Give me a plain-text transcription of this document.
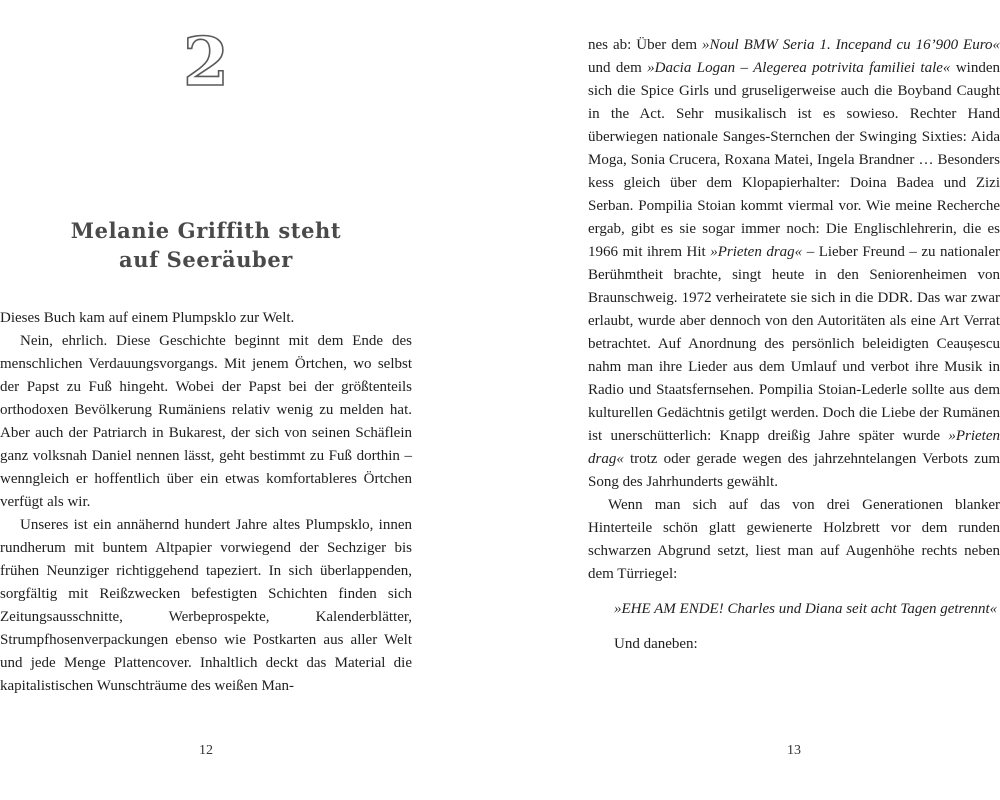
2
Melanie Griffith steht
auf Seeräuber

Dieses Buch kam auf einem Plumpsklo zur Welt.

Nein, ehrlich. Diese Geschichte beginnt mit dem Ende des menschlichen Verdauungsvorgangs. Mit jenem Örtchen, wo selbst der Papst zu Fuß hingeht. Wobei der Papst bei der größtenteils orthodoxen Bevölkerung Rumäniens relativ wenig zu melden hat. Aber auch der Patriarch in Bukarest, der sich von seinen Schäflein ganz volksnah Daniel nennen lässt, geht bestimmt zu Fuß dorthin – wenngleich er hoffentlich über ein etwas komfortableres Örtchen verfügt als wir.

Unseres ist ein annähernd hundert Jahre altes Plumpsklo, innen rundherum mit buntem Altpapier vorwiegend der Sechziger bis frühen Neunziger richtiggehend tapeziert. In sich überlappenden, sorgfältig mit Reißzwecken befestigten Schichten finden sich Zeitungsausschnitte, Werbeprospekte, Kalenderblätter, Strumpfhosenverpackungen ebenso wie Postkarten aus aller Welt und jede Menge Plattencover. Inhaltlich deckt das Material die kapitalistischen Wunschträume des weißen Man-

12

nes ab: Über dem »Noul BMW Seria 1. Incepand cu 16’900 Euro« und dem »Dacia Logan – Alegerea potrivita familiei tale« winden sich die Spice Girls und gruseligerweise auch die Boyband Caught in the Act. Sehr musikalisch ist es sowieso. Rechter Hand überwiegen nationale Sanges-Sternchen der Swinging Sixties: Aida Moga, Sonia Crucera, Roxana Matei, Ingela Brandner … Besonders kess gleich über dem Klopapierhalter: Doina Badea und Zizi Serban. Pompilia Stoian kommt viermal vor. Wie meine Recherche ergab, gibt es sie sogar immer noch: Die Englischlehrerin, die es 1966 mit ihrem Hit »Prieten drag« – Lieber Freund – zu nationaler Berühmtheit brachte, singt heute in den Seniorenheimen von Braunschweig. 1972 verheiratete sie sich in die DDR. Das war zwar erlaubt, wurde aber dennoch von den Autoritäten als eine Art Verrat betrachtet. Auf Anordnung des persönlich beleidigten Ceaușescu nahm man ihre Lieder aus dem Umlauf und verbot ihre Musik in Radio und Staatsfernsehen. Pompilia Stoian-Lederle sollte aus dem kulturellen Gedächtnis getilgt werden. Doch die Liebe der Rumänen ist unerschütterlich: Knapp dreißig Jahre später wurde »Prieten drag« trotz oder gerade wegen des jahrzehntelangen Verbots zum Song des Jahrhunderts gewählt.

Wenn man sich auf das von drei Generationen blanker Hinterteile schön glatt gewienerte Holzbrett vor dem runden schwarzen Abgrund setzt, liest man auf Augenhöhe rechts neben dem Türriegel:

»EHE AM ENDE! Charles und Diana seit acht Tagen getrennt«

Und daneben:

13
